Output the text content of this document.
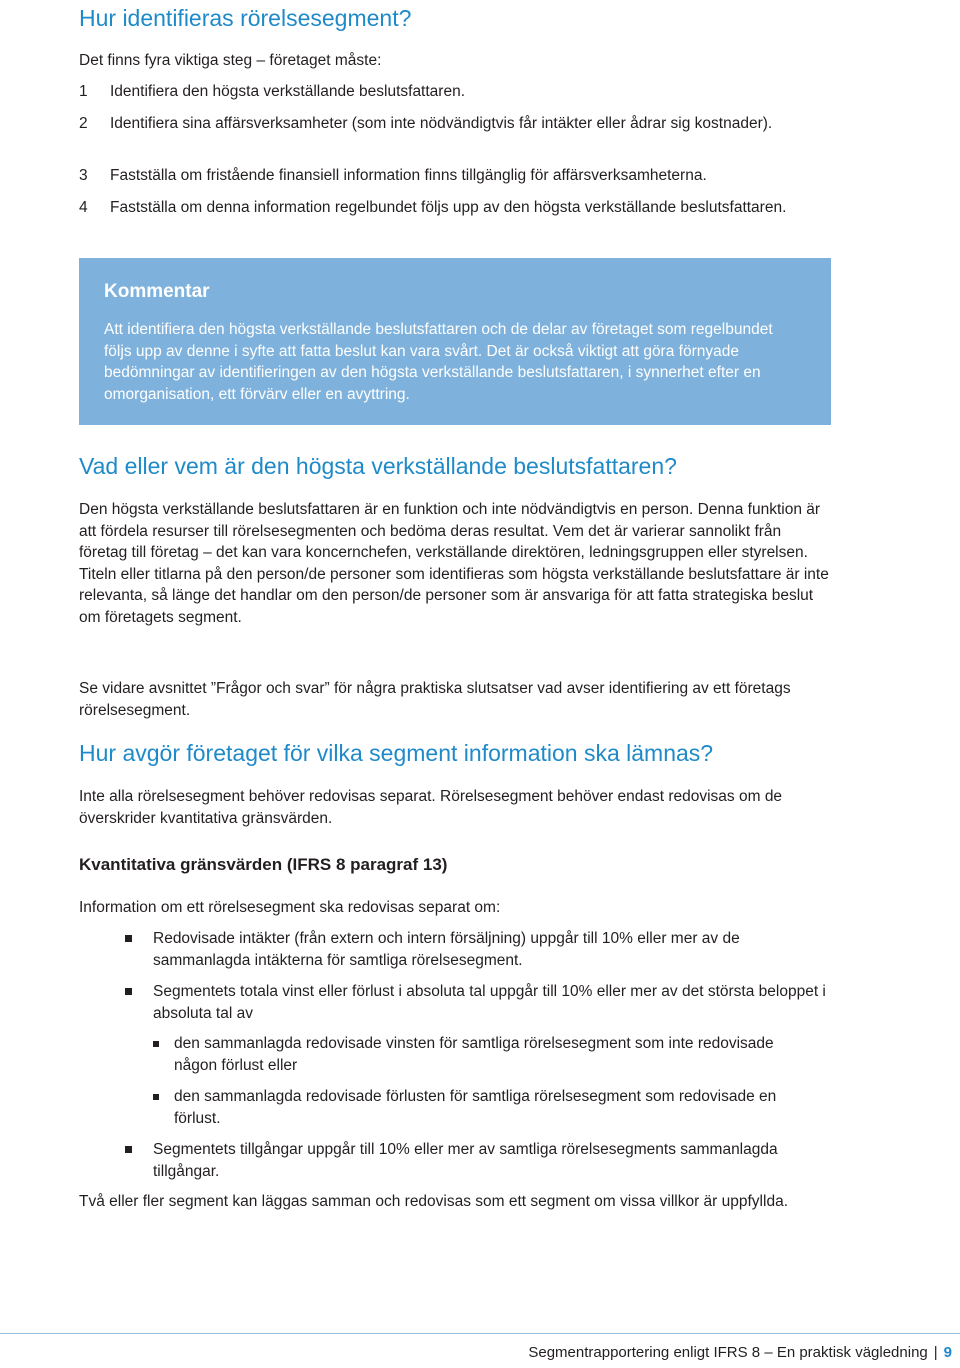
Hur identifieras rörelsesegment?

Det finns fyra viktiga steg – företaget måste:

1 Identifiera den högsta verkställande beslutsfattaren.
2 Identifiera sina affärsverksamheter (som inte nödvändigtvis får intäkter eller ådrar sig kostnader).
3 Fastställa om fristående finansiell information finns tillgänglig för affärsverksamheterna.
4 Fastställa om denna information regelbundet följs upp av den högsta verkställande beslutsfattaren.
Kommentar

Att identifiera den högsta verkställande beslutsfattaren och de delar av företaget som regelbundet följs upp av denne i syfte att fatta beslut kan vara svårt. Det är också viktigt att göra förnyade bedömningar av identifieringen av den högsta verkställande beslutsfattaren, i synnerhet efter en omorganisation, ett förvärv eller en avyttring.

Vad eller vem är den högsta verkställande beslutsfattaren?

Den högsta verkställande beslutsfattaren är en funktion och inte nödvändigtvis en person. Denna funktion är att fördela resurser till rörelsesegmenten och bedöma deras resultat. Vem det är varierar sannolikt från företag till företag – det kan vara koncernchefen, verkställande direktören, ledningsgruppen eller styrelsen. Titeln eller titlarna på den person/de personer som identifieras som högsta verkställande beslutsfattare är inte relevanta, så länge det handlar om den person/de personer som är ansvariga för att fatta strategiska beslut om företagets segment.

Se vidare avsnittet ”Frågor och svar” för några praktiska slutsatser vad avser identifiering av ett företags rörelsesegment.

Hur avgör företaget för vilka segment information ska lämnas?

Inte alla rörelsesegment behöver redovisas separat. Rörelsesegment behöver endast redovisas om de överskrider kvantitativa gränsvärden.

Kvantitativa gränsvärden (IFRS 8 paragraf 13)

Information om ett rörelsesegment ska redovisas separat om:

Redovisade intäkter (från extern och intern försäljning) uppgår till 10% eller mer av de sammanlagda intäkterna för samtliga rörelsesegment.
Segmentets totala vinst eller förlust i absoluta tal uppgår till 10% eller mer av det största beloppet i absoluta tal av
den sammanlagda redovisade vinsten för samtliga rörelsesegment som inte redovisade någon förlust eller
den sammanlagda redovisade förlusten för samtliga rörelsesegment som redovisade en förlust.
Segmentets tillgångar uppgår till 10% eller mer av samtliga rörelsesegments sammanlagda tillgångar.

Två eller fler segment kan läggas samman och redovisas som ett segment om vissa villkor är uppfyllda.

Segmentrapportering enligt IFRS 8 – En praktisk vägledning | 9
